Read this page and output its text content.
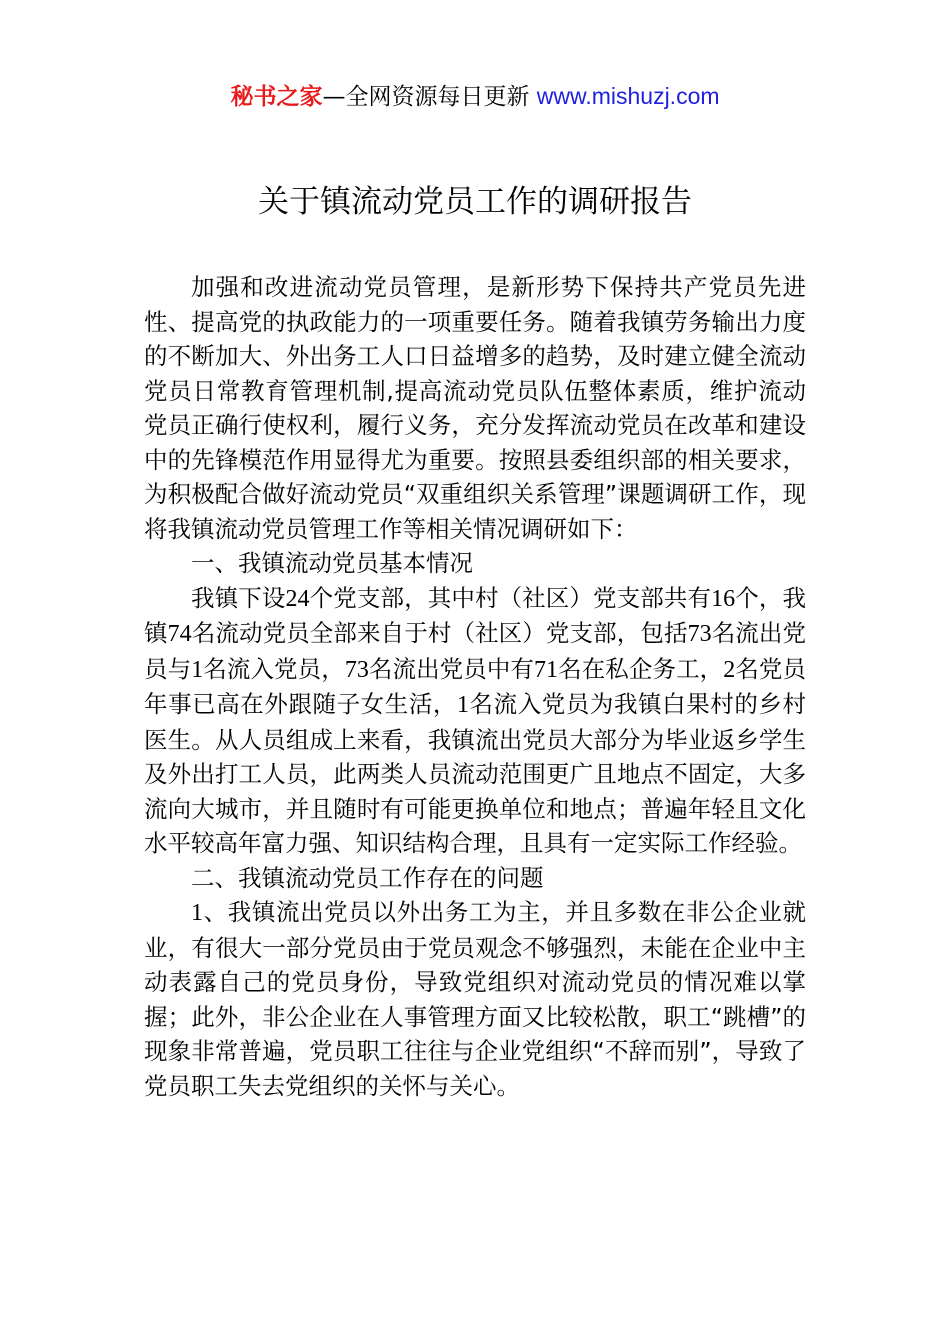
秘书之家—全网资源每日更新 www.mishuzj.com
关于镇流动党员工作的调研报告

加强和改进流动党员管理，是新形势下保持共产党员先进性、提高党的执政能力的一项重要任务。随着我镇劳务输出力度的不断加大、外出务工人口日益增多的趋势，及时建立健全流动党员日常教育管理机制,提高流动党员队伍整体素质，维护流动党员正确行使权利，履行义务，充分发挥流动党员在改革和建设中的先锋模范作用显得尤为重要。按照县委组织部的相关要求，为积极配合做好流动党员“双重组织关系管理”课题调研工作，现将我镇流动党员管理工作等相关情况调研如下：

一、我镇流动党员基本情况

我镇下设24个党支部，其中村（社区）党支部共有16个，我镇74名流动党员全部来自于村（社区）党支部，包括73名流出党员与1名流入党员，73名流出党员中有71名在私企务工，2名党员年事已高在外跟随子女生活，1名流入党员为我镇白果村的乡村医生。从人员组成上来看，我镇流出党员大部分为毕业返乡学生及外出打工人员，此两类人员流动范围更广且地点不固定，大多流向大城市，并且随时有可能更换单位和地点；普遍年轻且文化水平较高年富力强、知识结构合理，且具有一定实际工作经验。

二、我镇流动党员工作存在的问题

1、我镇流出党员以外出务工为主，并且多数在非公企业就业，有很大一部分党员由于党员观念不够强烈，未能在企业中主动表露自己的党员身份，导致党组织对流动党员的情况难以掌握；此外，非公企业在人事管理方面又比较松散，职工“跳槽”的现象非常普遍，党员职工往往与企业党组织“不辞而别”，导致了党员职工失去党组织的关怀与关心。
